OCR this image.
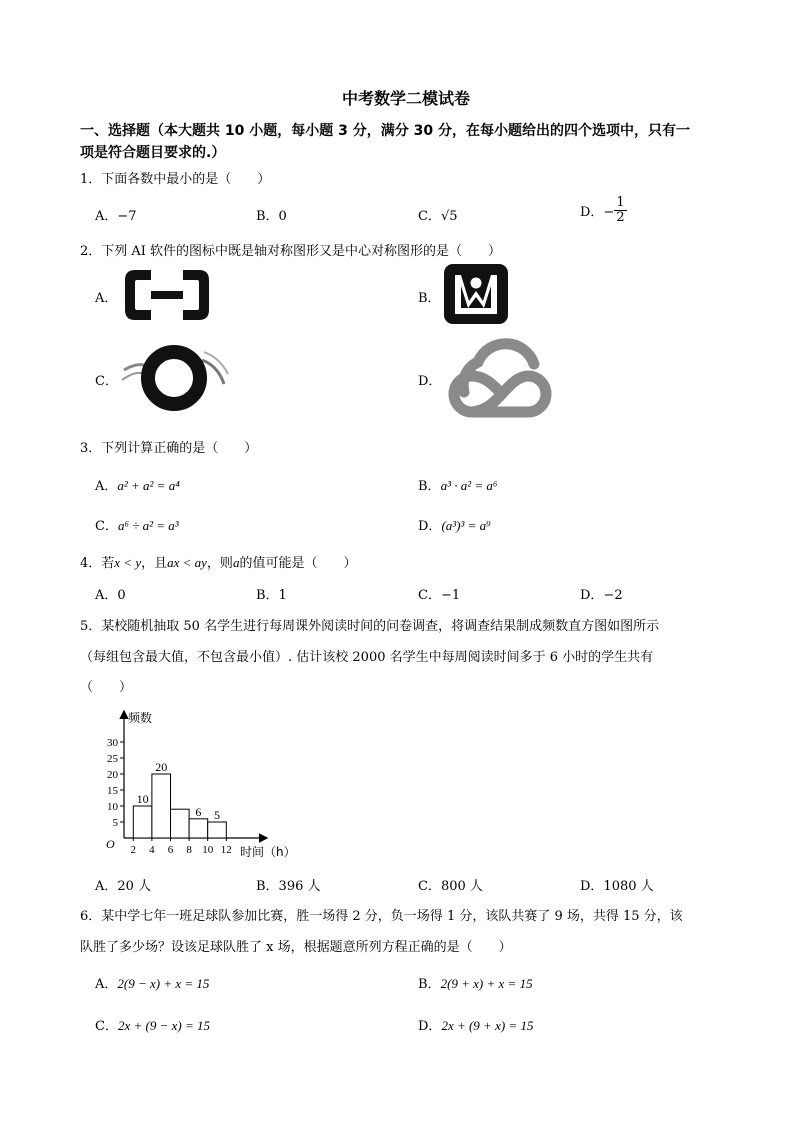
中考数学二模试卷
一、选择题（本大题共 10 小题，每小题 3 分，满分 30 分，在每小题给出的四个选项中，只有一
项是符合题目要求的.）
1．下面各数中最小的是（　　）
A．−7	B．0	C．√5	D．− $\frac{1}{2}$
2．下列 AI 软件的图标中既是轴对称图形又是中心对称图形的是（　　）
A．	B．
C．	D．
3．下列计算正确的是（　　）
A．a² + a² = a⁴	B．a³ · a² = a⁶
C．a⁶ ÷ a² = a³	D．(a³)³ = a⁹
4．若x < y，且ax < ay，则a的值可能是（　　）
A．0	B．1	C．−1	D．−2
5．某校随机抽取 50 名学生进行每周课外阅读时间的问卷调查，将调查结果制成频数直方图如图所示
（每组包含最大值，不包含最小值）. 估计该校 2000 名学生中每周阅读时间多于 6 小时的学生共有
（　　）
频数
时间（h）
O
10
20
6 5
5
10
15
20
25
30
2 4 6 8 10 12
A．20 人	B．396 人	C．800 人	D．1080 人
6．某中学七年一班足球队参加比赛，胜一场得 2 分，负一场得 1 分，该队共赛了 9 场，共得 15 分，该
队胜了多少场？设该足球队胜了 x 场，根据题意所列方程正确的是（　　）
A．2(9 − x) + x = 15	B．2(9 + x) + x = 15
C．2x + (9 − x) = 15	D．2x + (9 + x) = 15
